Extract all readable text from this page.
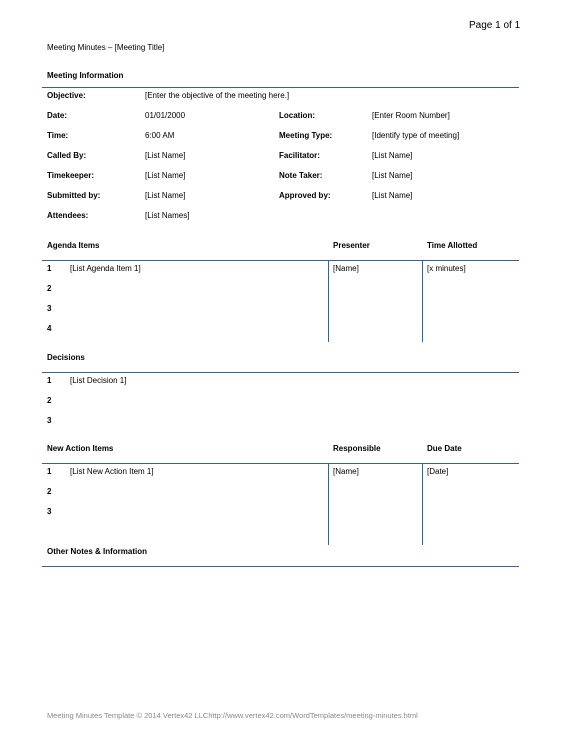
Page 1 of 1
Meeting Minutes – [Meeting Title]
Meeting Information
Objective:	[Enter the objective of the meeting here.]
Date:	01/01/2000	Location:	[Enter Room Number]
Time:	6:00 AM	Meeting Type:	[Identify type of meeting]
Called By:	[List Name]	Facilitator:	[List Name]
Timekeeper:	[List Name]	Note Taker:	[List Name]
Submitted by:	[List Name]	Approved by:	[List Name]
Attendees:	[List Names]
Agenda Items	Presenter	Time Allotted
1 [List Agenda Item 1]	[Name]	[x minutes]
2
3
4
Decisions
1 [List Decision 1]
2
3
New Action Items	Responsible	Due Date
1 [List New Action Item 1]	[Name]	[Date]
2
3
Other Notes & Information
Meeting Minutes Template © 2014 Vertex42 LLChttp://www.vertex42.com/WordTemplates/meeting-minutes.html
